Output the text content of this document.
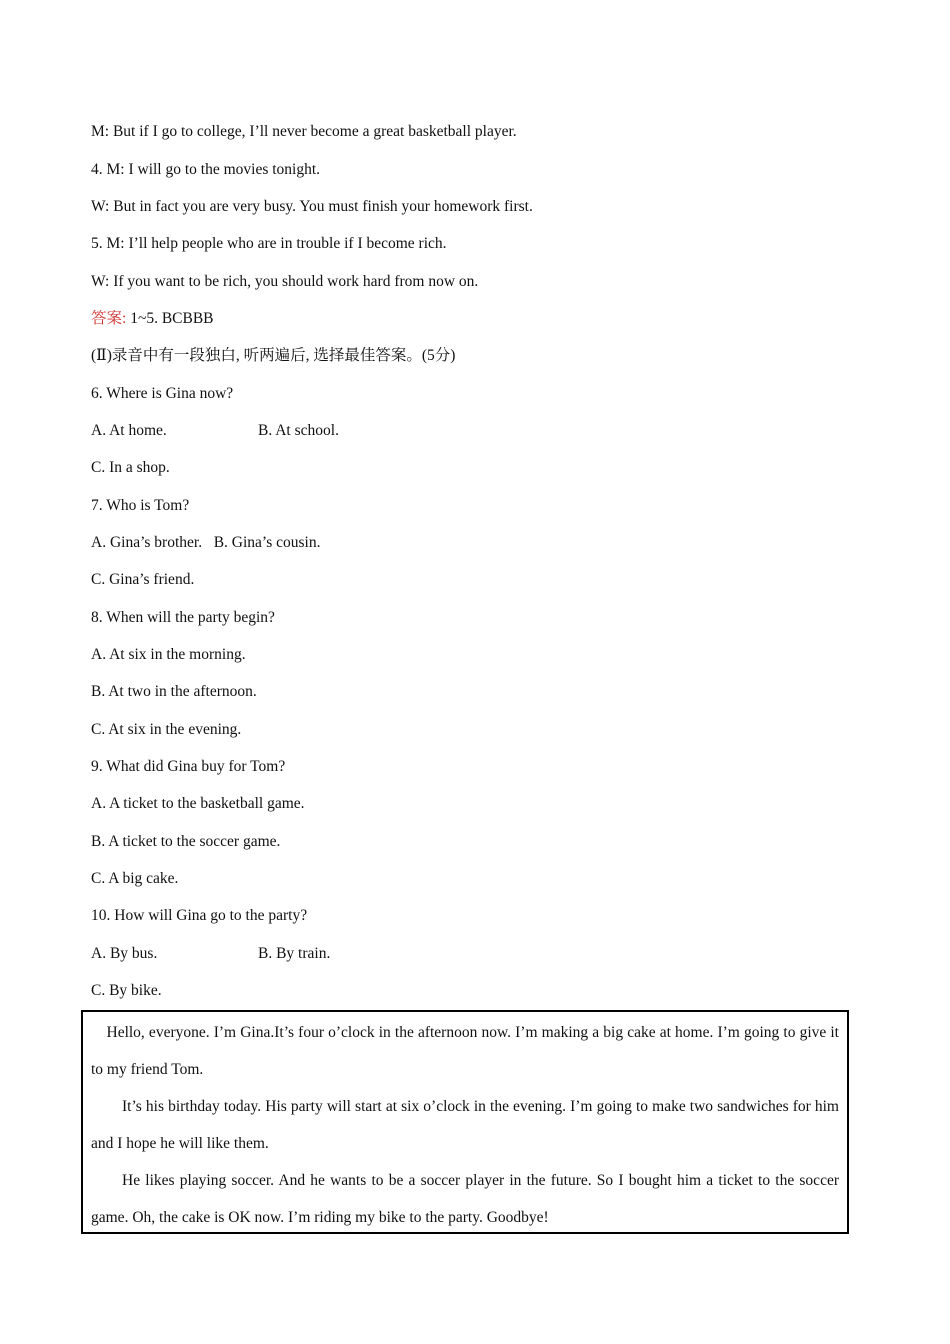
M: But if I go to college, I’ll never become a great basketball player.
4. M: I will go to the movies tonight.
W: But in fact you are very busy. You must finish your homework first.
5. M: I’ll help people who are in trouble if I become rich.
W: If you want to be rich, you should work hard from now on.
答案: 1~5. BCBBB
(Ⅱ)录音中有一段独白, 听两遍后, 选择最佳答案。(5分)
6. Where is Gina now?
A. At home.	B. At school.
C. In a shop.
7. Who is Tom?
A. Gina’s brother.   B. Gina’s cousin.
C. Gina’s friend.
8. When will the party begin?
A. At six in the morning.
B. At two in the afternoon.
C. At six in the evening.
9. What did Gina buy for Tom?
A. A ticket to the basketball game.
B. A ticket to the soccer game.
C. A big cake.
10. How will Gina go to the party?
A. By bus.	B. By train.
C. By bike.
Hello, everyone. I’m Gina.It’s four o’clock in the afternoon now. I’m making a big cake at home. I’m going to give it to my friend Tom.
It’s his birthday today. His party will start at six o’clock in the evening. I’m going to make two sandwiches for him and I hope he will like them.
He likes playing soccer. And he wants to be a soccer player in the future. So I bought him a ticket to the soccer game. Oh, the cake is OK now. I’m riding my bike to the party. Goodbye!
